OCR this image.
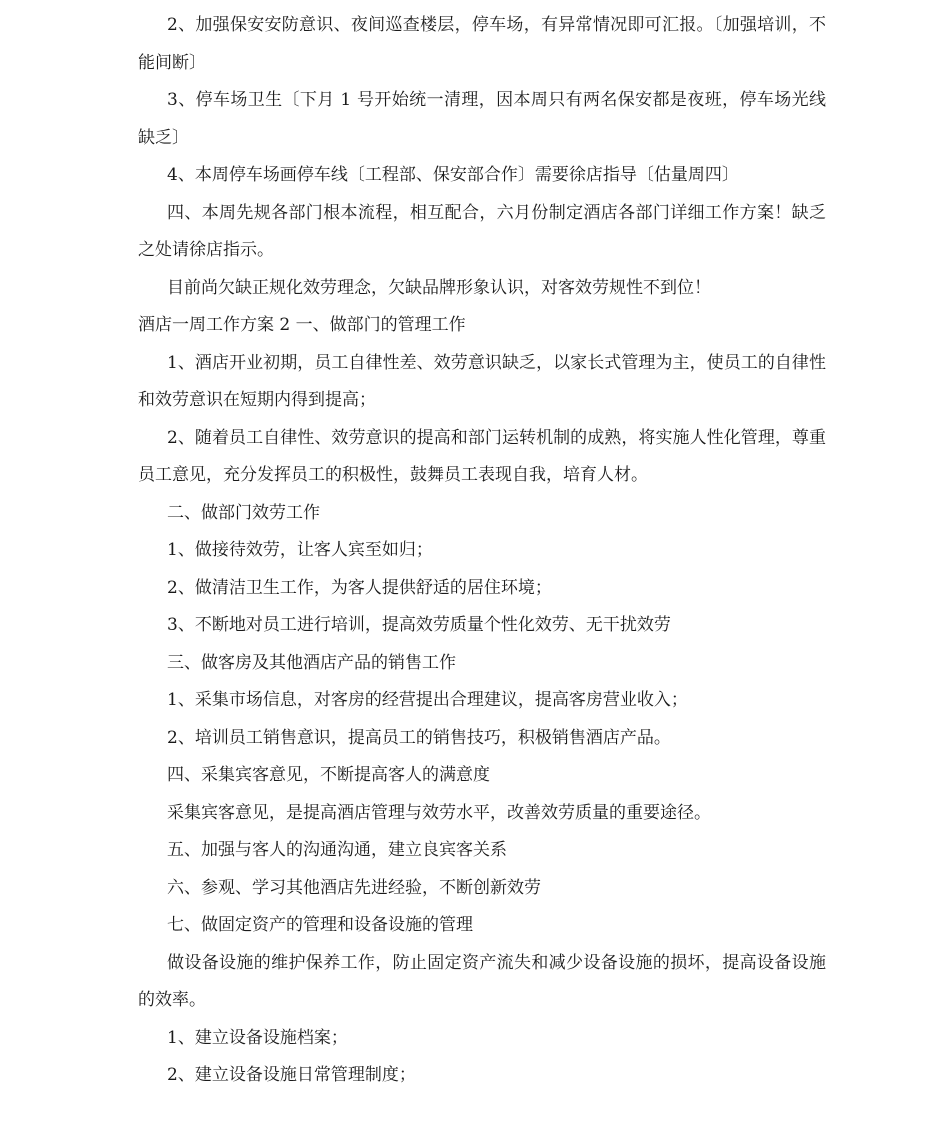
2、加强保安安防意识、夜间巡查楼层，停车场，有异常情况即可汇报。〔加强培训，不能间断〕

3、停车场卫生〔下月 1 号开始统一清理，因本周只有两名保安都是夜班，停车场光线缺乏〕

4、本周停车场画停车线〔工程部、保安部合作〕需要徐店指导〔估量周四〕

四、本周先规各部门根本流程，相互配合，六月份制定酒店各部门详细工作方案！缺乏之处请徐店指示。

目前尚欠缺正规化效劳理念，欠缺品牌形象认识，对客效劳规性不到位！

酒店一周工作方案 2 一、做部门的管理工作

1、酒店开业初期，员工自律性差、效劳意识缺乏，以家长式管理为主，使员工的自律性和效劳意识在短期内得到提高；

2、随着员工自律性、效劳意识的提高和部门运转机制的成熟，将实施人性化管理，尊重员工意见，充分发挥员工的积极性，鼓舞员工表现自我，培育人材。

二、做部门效劳工作

1、做接待效劳，让客人宾至如归；

2、做清洁卫生工作，为客人提供舒适的居住环境；

3、不断地对员工进行培训，提高效劳质量个性化效劳、无干扰效劳

三、做客房及其他酒店产品的销售工作

1、采集市场信息，对客房的经营提出合理建议，提高客房营业收入；

2、培训员工销售意识，提高员工的销售技巧，积极销售酒店产品。

四、采集宾客意见，不断提高客人的满意度

采集宾客意见，是提高酒店管理与效劳水平，改善效劳质量的重要途径。

五、加强与客人的沟通沟通，建立良宾客关系

六、参观、学习其他酒店先进经验，不断创新效劳

七、做固定资产的管理和设备设施的管理

做设备设施的维护保养工作，防止固定资产流失和减少设备设施的损坏，提高设备设施的效率。

1、建立设备设施档案；

2、建立设备设施日常管理制度；
